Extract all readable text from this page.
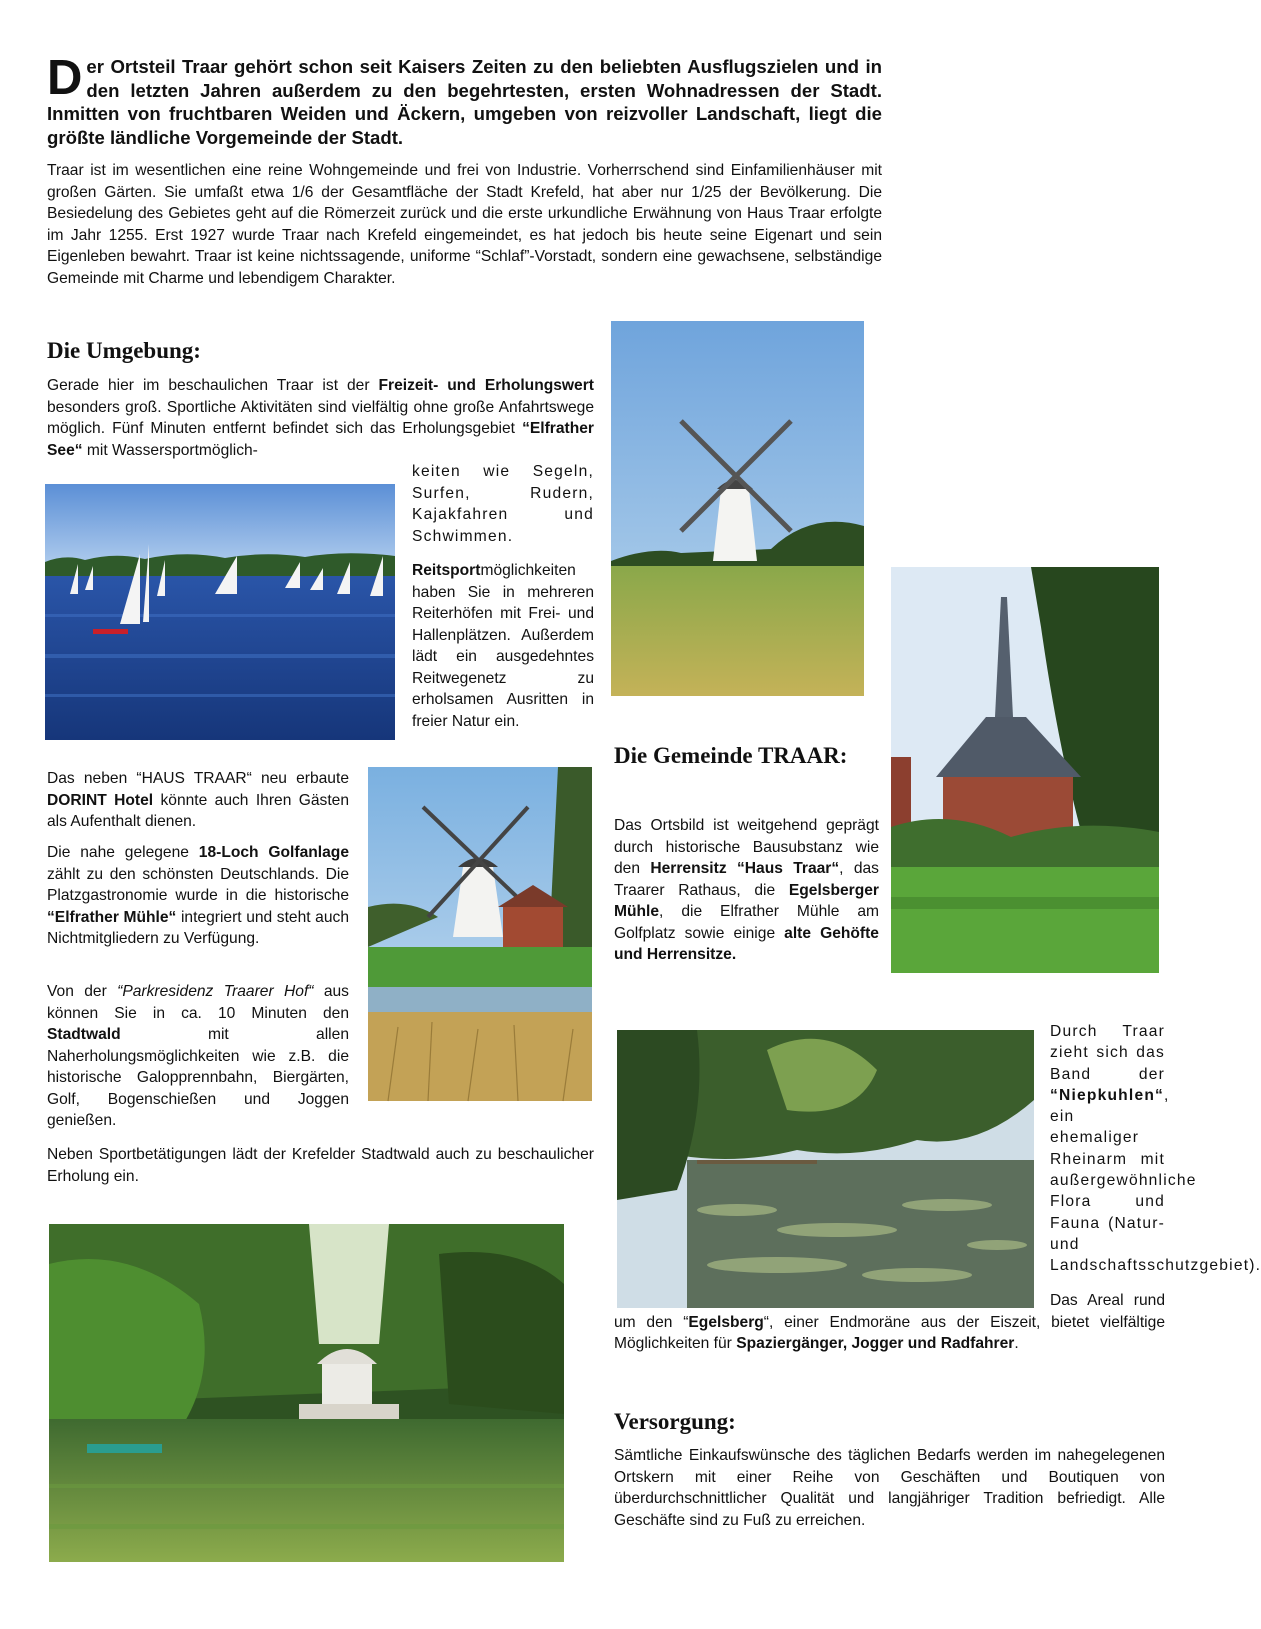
Der Ortsteil Traar gehört schon seit Kaisers Zeiten zu den beliebten Ausflugszielen und in den letzten Jahren außerdem zu den begehrtesten, ersten Wohnadressen der Stadt. Inmitten von fruchtbaren Weiden und Äckern, umgeben von reizvoller Landschaft, liegt die größte ländliche Vorgemeinde der Stadt.

Traar ist im wesentlichen eine reine Wohngemeinde und frei von Industrie. Vorherrschend sind Einfamilienhäuser mit großen Gärten. Sie umfaßt etwa 1/6 der Gesamtfläche der Stadt Krefeld, hat aber nur 1/25 der Bevölkerung. Die Besiedelung des Gebietes geht auf die Römerzeit zurück und die erste urkundliche Erwähnung von Haus Traar erfolgte im Jahr 1255. Erst 1927 wurde Traar nach Krefeld eingemeindet, es hat jedoch bis heute seine Eigenart und sein Eigenleben bewahrt. Traar ist keine nichtssagende, uniforme “Schlaf”-Vorstadt, sondern eine gewachsene, selbständige Gemeinde mit Charme und lebendigem Charakter.

Die Umgebung:

Gerade hier im beschaulichen Traar ist der Freizeit- und Erholungswert besonders groß. Sportliche Aktivitäten sind vielfältig ohne große Anfahrtswege möglich. Fünf Minuten entfernt befindet sich das Erholungsgebiet “Elfrather See“ mit Wassersportmöglich-

keiten wie Segeln, Surfen, Rudern, Kajakfahren und Schwimmen.

Reitsportmöglichkeiten haben Sie in mehreren Reiterhöfen mit Frei- und Hallenplätzen. Außerdem lädt ein ausgedehntes Reitwegenetz zu erholsamen Ausritten in freier Natur ein.

Das neben “HAUS TRAAR“ neu erbaute DORINT Hotel könnte auch Ihren Gästen als Aufenthalt dienen.

Die nahe gelegene 18-Loch Golfanlage zählt zu den schönsten Deutschlands. Die Platzgastronomie wurde in die historische “Elfrather Mühle“ integriert und steht auch Nichtmitgliedern zu Verfügung.

Von der “Parkresidenz Traarer Hof“ aus können Sie in ca. 10 Minuten den Stadtwald mit allen Naherholungsmöglichkeiten wie z.B. die historische Galopprennbahn, Biergärten, Golf, Bogenschießen und Joggen genießen.

Neben Sportbetätigungen lädt der Krefelder Stadtwald auch zu beschaulicher Erholung ein.

Die Gemeinde TRAAR:

Das Ortsbild ist weitgehend geprägt durch historische Bausubstanz wie den Herrensitz “Haus Traar“, das Traarer Rathaus, die Egelsberger Mühle, die Elfrather Mühle am Golfplatz sowie einige alte Gehöfte und Herrensitze.

Durch Traar zieht sich das Band der “Niepkuhlen“, ein ehemaliger Rheinarm mit außergewöhnliche Flora und Fauna (Natur- und Landschaftsschutzgebiet).

Das Areal rund um den “Egelsberg“, einer Endmoräne aus der Eiszeit, bietet vielfältige Möglichkeiten für Spaziergänger, Jogger und Radfahrer.

Versorgung:

Sämtliche Einkaufswünsche des täglichen Bedarfs werden im nahegelegenen Ortskern mit einer Reihe von Geschäften und Boutiquen von überdurchschnittlicher Qualität und langjähriger Tradition befriedigt. Alle Geschäfte sind zu Fuß zu erreichen.
